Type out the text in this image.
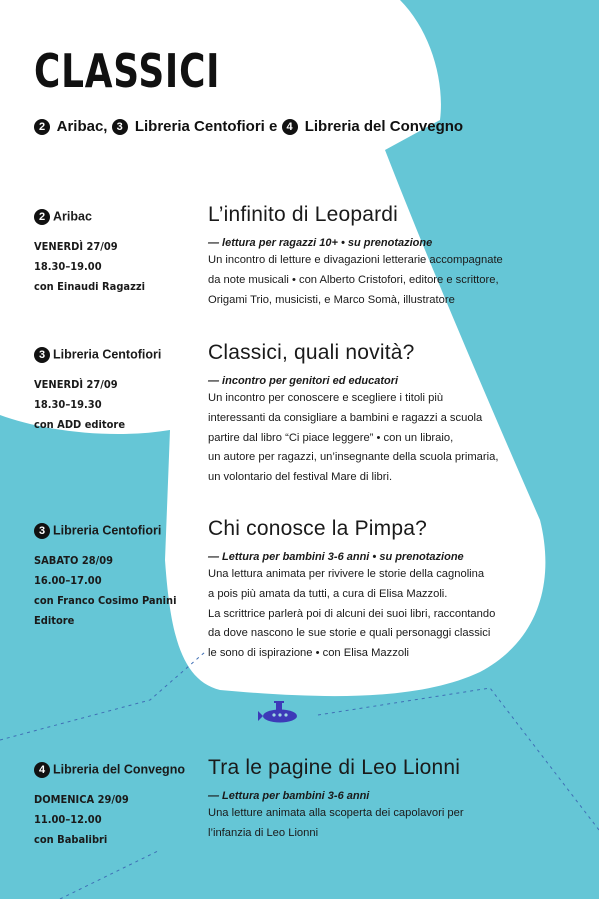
CLASSICI
2 Aribac, 3 Libreria Centofiori e 4 Libreria del Convegno
2 Aribac
VENERDÌ 27/09
18.30–19.00
con Einaudi Ragazzi
L’infinito di Leopardi
— lettura per ragazzi 10+ • su prenotazione
Un incontro di letture e divagazioni letterarie accompagnate
da note musicali • con Alberto Cristofori, editore e scrittore,
Origami Trio, musicisti, e Marco Somà, illustratore
3 Libreria Centofiori
VENERDÌ 27/09
18.30–19.30
con ADD editore
Classici, quali novità?
— incontro per genitori ed educatori
Un incontro per conoscere e scegliere i titoli più
interessanti da consigliare a bambini e ragazzi a scuola
partire dal libro “Ci piace leggere” • con un libraio,
un autore per ragazzi, un’insegnante della scuola primaria,
un volontario del festival Mare di libri.
3 Libreria Centofiori
SABATO 28/09
16.00–17.00
con Franco Cosimo Panini
Editore
Chi conosce la Pimpa?
— Lettura per bambini 3-6 anni • su prenotazione
Una lettura animata per rivivere le storie della cagnolina
a pois più amata da tutti, a cura di Elisa Mazzoli.
La scrittrice parlerà poi di alcuni dei suoi libri, raccontando
da dove nascono le sue storie e quali personaggi classici
le sono di ispirazione • con Elisa Mazzoli
4 Libreria del Convegno
DOMENICA 29/09
11.00–12.00
con Babalibri
Tra le pagine di Leo Lionni
— Lettura per bambini 3-6 anni
Una letture animata alla scoperta dei capolavori per
l’infanzia di Leo Lionni
